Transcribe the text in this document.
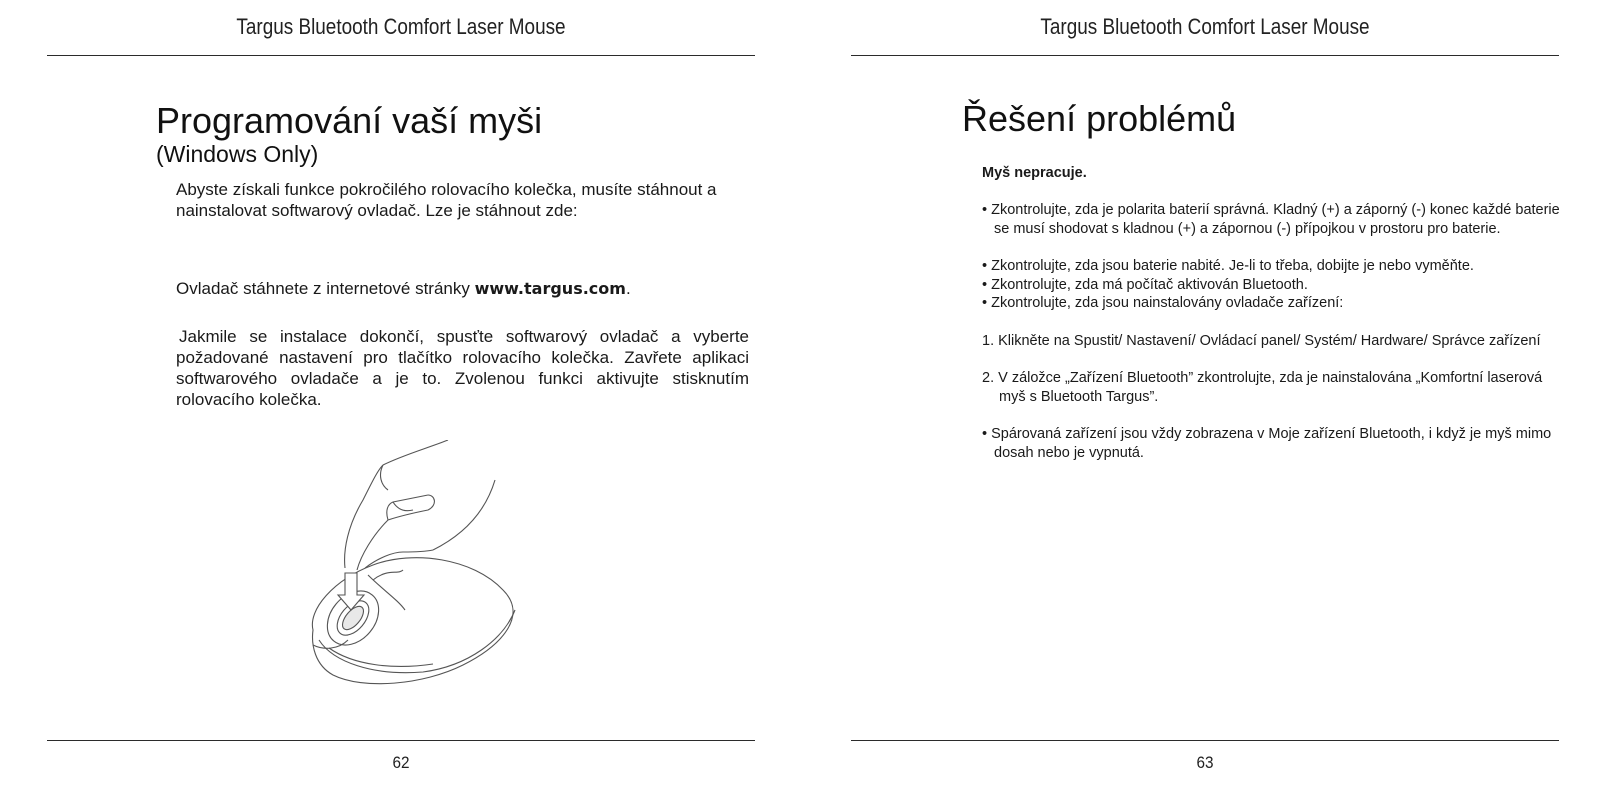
Targus Bluetooth Comfort Laser Mouse
Programování vaší myši
(Windows Only)

Abyste získali funkce pokročilého rolovacího kolečka, musíte stáhnout a nainstalovat softwarový ovladač. Lze je stáhnout zde:

Ovladač stáhnete z internetové stránky www.targus.com.

Jakmile se instalace dokončí, spusťte softwarový ovladač a vyberte požadované nastavení pro tlačítko rolovacího kolečka. Zavřete aplikaci softwarového ovladače a je to. Zvolenou funkci aktivujte stisknutím rolovacího kolečka.

62
Targus Bluetooth Comfort Laser Mouse
Řešení problémů

Myš nepracuje.

• Zkontrolujte, zda je polarita baterií správná. Kladný (+) a záporný (-) konec každé baterie se musí shodovat s kladnou (+) a zápornou (-) přípojkou v prostoru pro baterie.

• Zkontrolujte, zda jsou baterie nabité. Je-li to třeba, dobijte je nebo vyměňte.

• Zkontrolujte, zda má počítač aktivován Bluetooth.

• Zkontrolujte, zda jsou nainstalovány ovladače zařízení:

1. Klikněte na Spustit/ Nastavení/ Ovládací panel/ Systém/ Hardware/ Správce zařízení

2. V záložce „Zařízení Bluetooth” zkontrolujte, zda je nainstalována „Komfortní laserová myš s Bluetooth Targus”.

• Spárovaná zařízení jsou vždy zobrazena v Moje zařízení Bluetooth, i když je myš mimo dosah nebo je vypnutá.

63
